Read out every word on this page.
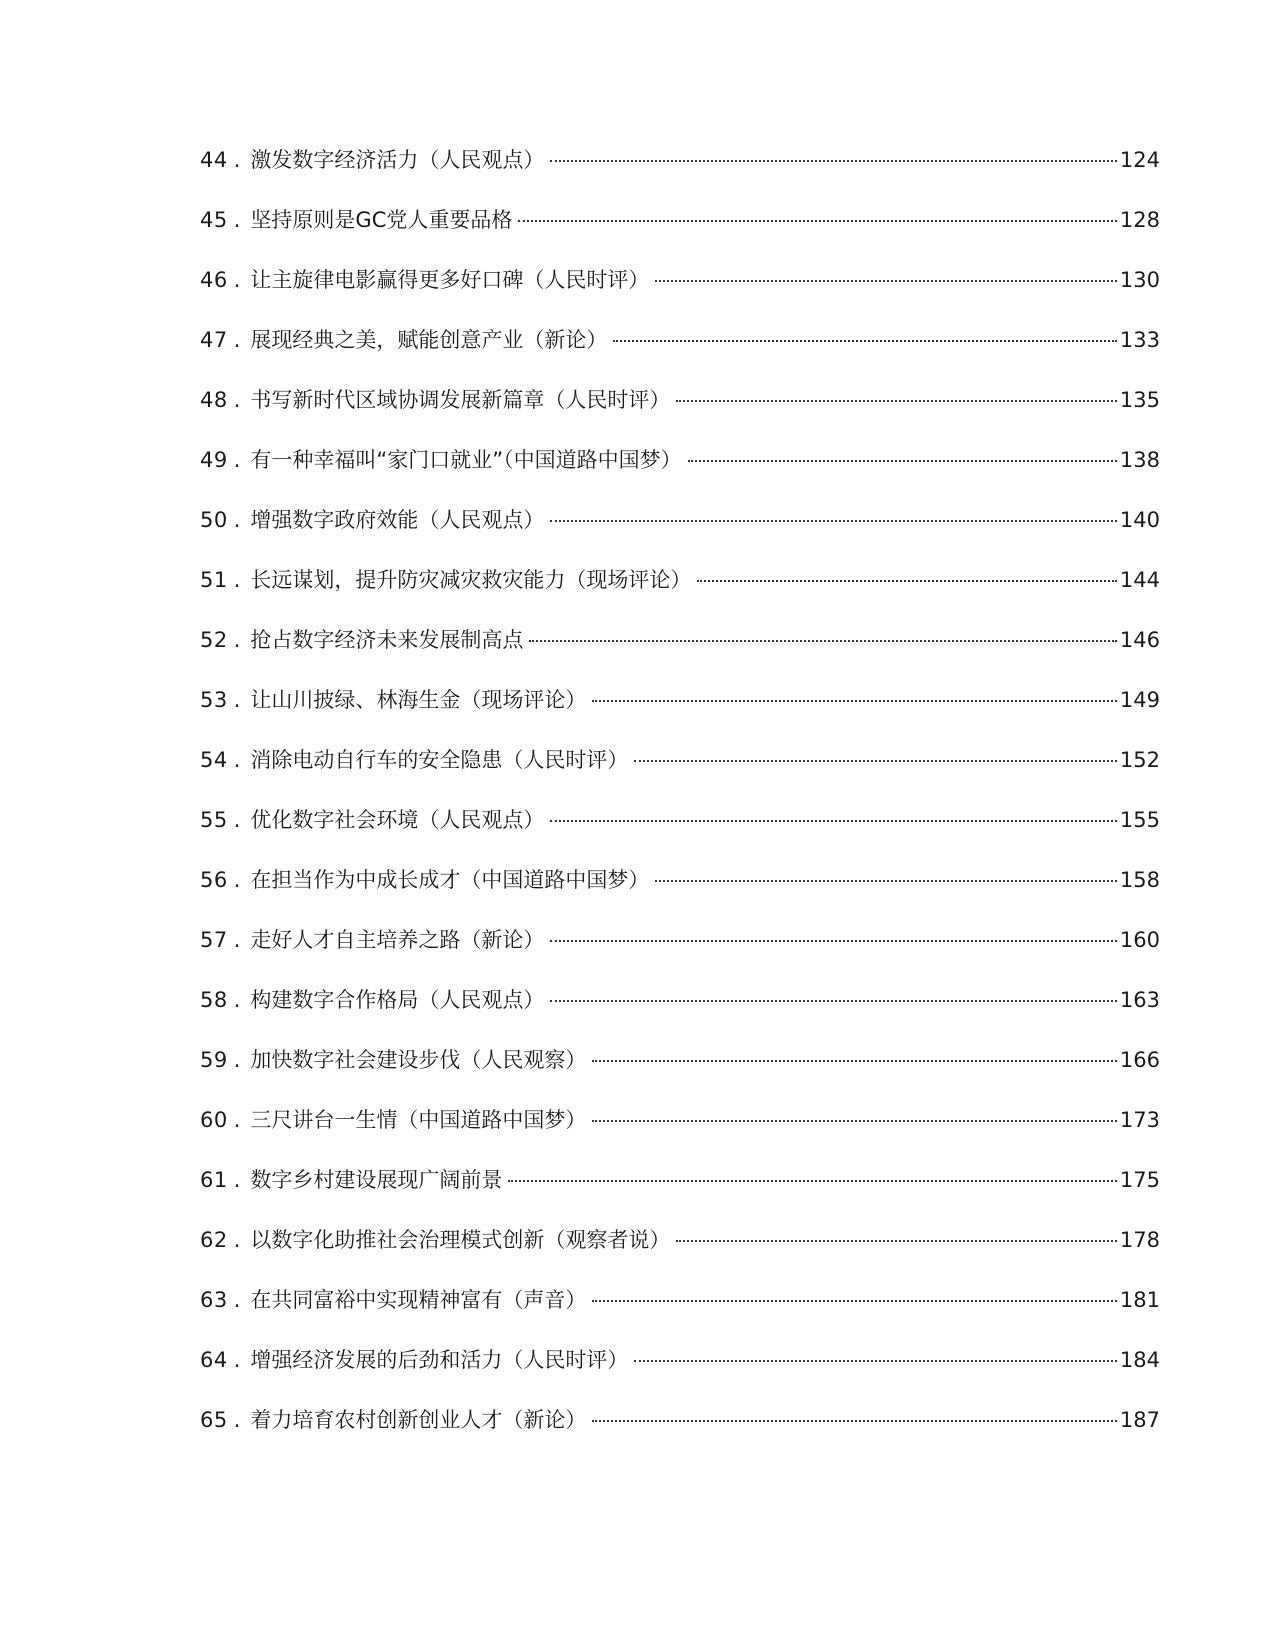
44 . 激发数字经济活力（人民观点）	124
45 . 坚持原则是GC党人重要品格	128
46 . 让主旋律电影赢得更多好口碑（人民时评）	130
47 . 展现经典之美，赋能创意产业（新论）	133
48 . 书写新时代区域协调发展新篇章（人民时评）	135
49 . 有一种幸福叫“家门口就业”（中国道路中国梦）	138
50 . 增强数字政府效能（人民观点）	140
51 . 长远谋划，提升防灾减灾救灾能力（现场评论）	144
52 . 抢占数字经济未来发展制高点	146
53 . 让山川披绿、林海生金（现场评论）	149
54 . 消除电动自行车的安全隐患（人民时评）	152
55 . 优化数字社会环境（人民观点）	155
56 . 在担当作为中成长成才（中国道路中国梦）	158
57 . 走好人才自主培养之路（新论）	160
58 . 构建数字合作格局（人民观点）	163
59 . 加快数字社会建设步伐（人民观察）	166
60 . 三尺讲台一生情（中国道路中国梦）	173
61 . 数字乡村建设展现广阔前景	175
62 . 以数字化助推社会治理模式创新（观察者说）	178
63 . 在共同富裕中实现精神富有（声音）	181
64 . 增强经济发展的后劲和活力（人民时评）	184
65 . 着力培育农村创新创业人才（新论）	187
